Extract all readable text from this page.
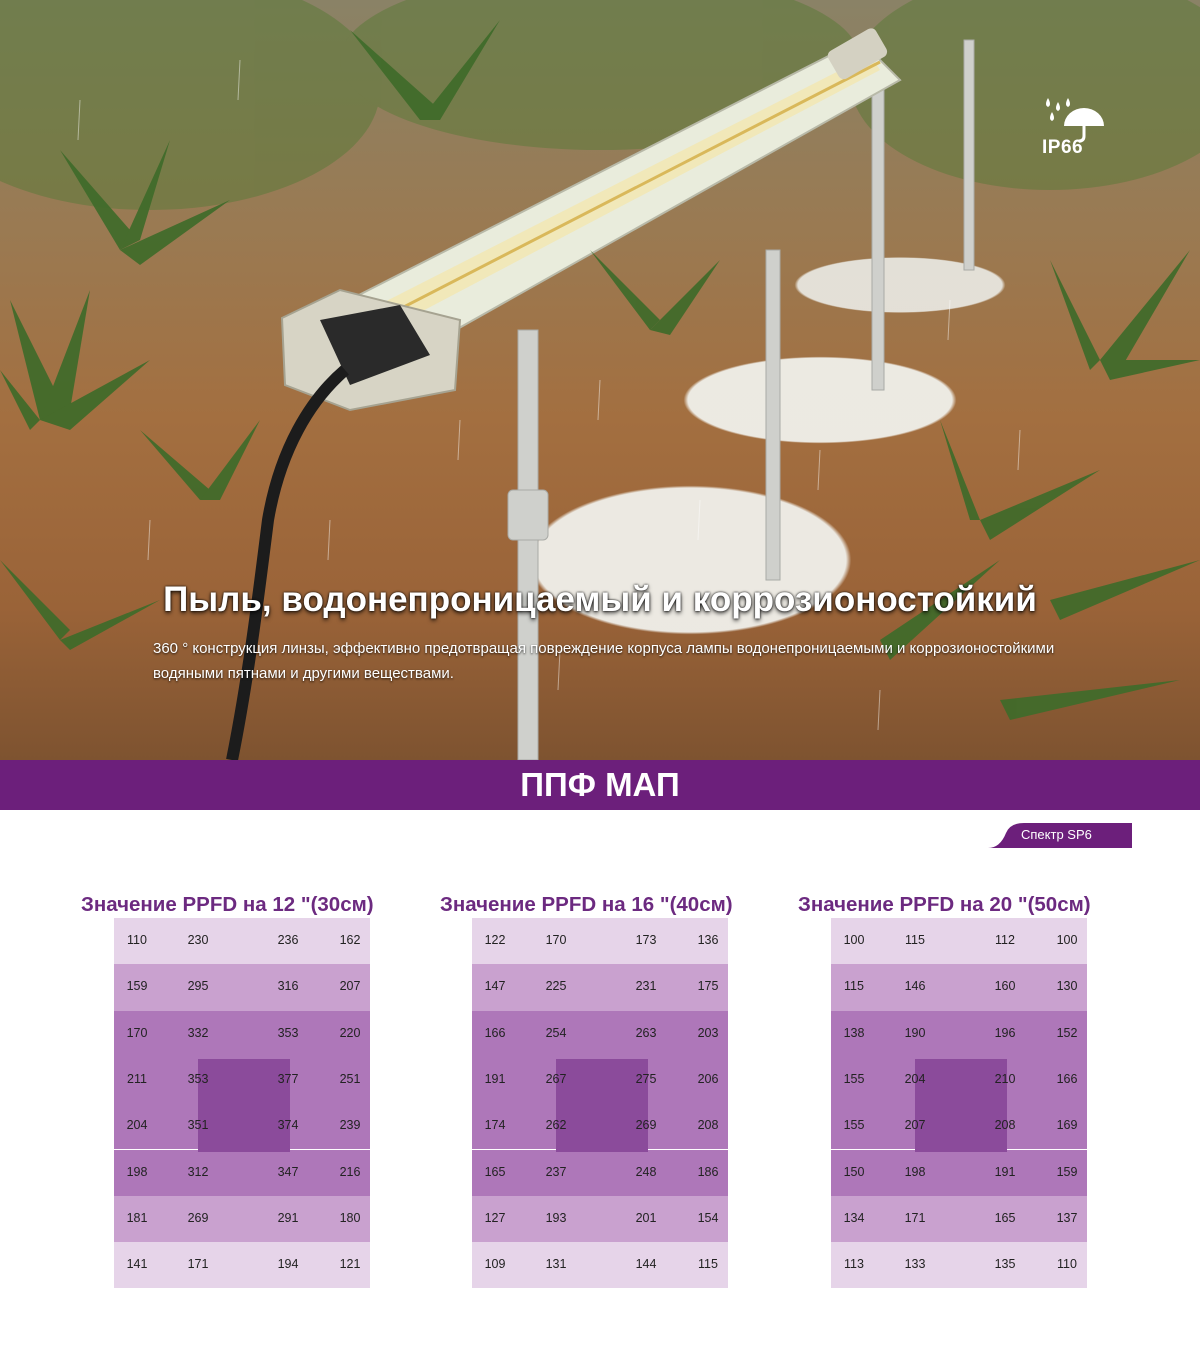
IP66
Пыль, водонепроницаемый и коррозионостойкий

360 ° конструкция линзы, эффективно предотвращая повреждение корпуса лампы водонепроницаемыми и коррозионостойкими водяными пятнами и другими веществами.

ППФ МАП
Спектр SP6
Значение PPFD на 12 "(30см)	Значение PPFD на 16 "(40см)	Значение PPFD на 20 "(50см)
110	230	236	162
159	295	316	207
170	332	353	220
211	353	377	251
204	351	374	239
198	312	347	216
181	269	291	180
141	171	194	121
122	170	173	136
147	225	231	175
166	254	263	203
191	267	275	206
174	262	269	208
165	237	248	186
127	193	201	154
109	131	144	115
100	115	112	100
115	146	160	130
138	190	196	152
155	204	210	166
155	207	208	169
150	198	191	159
134	171	165	137
113	133	135	110
